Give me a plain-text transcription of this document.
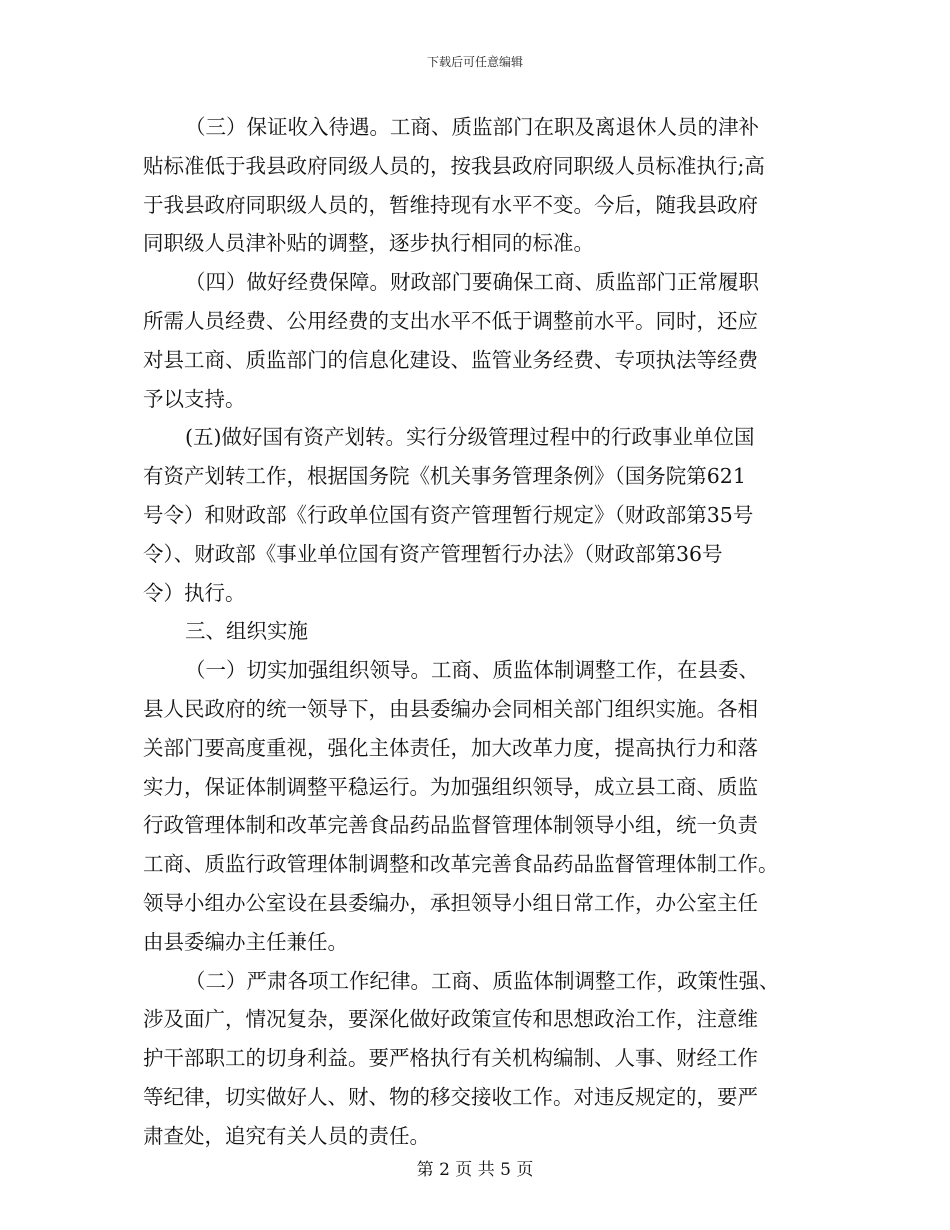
下载后可任意编辑
（三）保证收入待遇。工商、质监部门在职及离退休人员的津补
贴标准低于我县政府同级人员的，按我县政府同职级人员标准执行;高
于我县政府同职级人员的，暂维持现有水平不变。今后，随我县政府
同职级人员津补贴的调整，逐步执行相同的标准。
（四）做好经费保障。财政部门要确保工商、质监部门正常履职
所需人员经费、公用经费的支出水平不低于调整前水平。同时，还应
对县工商、质监部门的信息化建设、监管业务经费、专项执法等经费
予以支持。
(五)做好国有资产划转。实行分级管理过程中的行政事业单位国
有资产划转工作，根据国务院《机关事务管理条例》（国务院第621
号令）和财政部《行政单位国有资产管理暂行规定》（财政部第35号
令）、财政部《事业单位国有资产管理暂行办法》（财政部第36号
令）执行。
三、组织实施
（一）切实加强组织领导。工商、质监体制调整工作，在县委、
县人民政府的统一领导下，由县委编办会同相关部门组织实施。各相
关部门要高度重视，强化主体责任，加大改革力度，提高执行力和落
实力，保证体制调整平稳运行。为加强组织领导，成立县工商、质监
行政管理体制和改革完善食品药品监督管理体制领导小组，统一负责
工商、质监行政管理体制调整和改革完善食品药品监督管理体制工作。
领导小组办公室设在县委编办，承担领导小组日常工作，办公室主任
由县委编办主任兼任。
（二）严肃各项工作纪律。工商、质监体制调整工作，政策性强、
涉及面广，情况复杂，要深化做好政策宣传和思想政治工作，注意维
护干部职工的切身利益。要严格执行有关机构编制、人事、财经工作
等纪律，切实做好人、财、物的移交接收工作。对违反规定的，要严
肃查处，追究有关人员的责任。
第 2 页 共 5 页
